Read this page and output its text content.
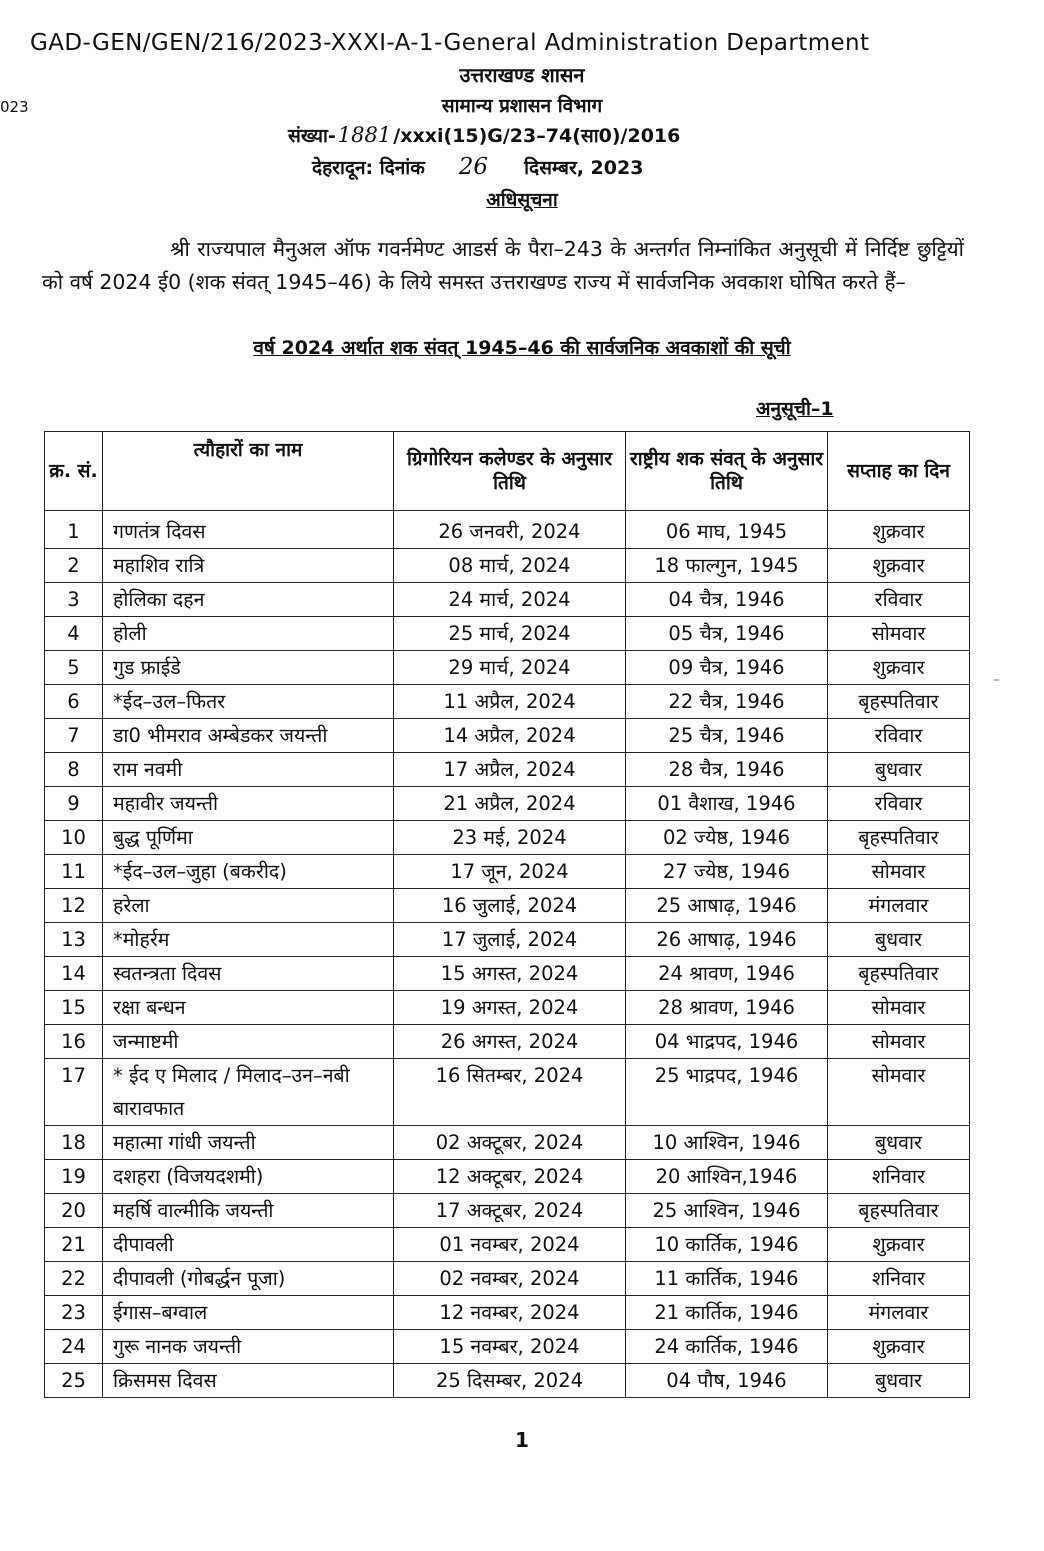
GAD-GEN/GEN/216/2023-XXXI-A-1-General Administration Department
023
उत्तराखण्ड शासन
सामान्य प्रशासन विभाग
संख्या-1881 /xxxi(15)G/23–74(सा0)/2016
देहरादून: दिनांक 26 दिसम्बर, 2023
अधिसूचना
श्री राज्यपाल मैनुअल ऑफ गवर्नमेण्ट आडर्स के पैरा–243 के अन्तर्गत निम्नांकित अनुसूची में निर्दिष्ट छुट्टियों को वर्ष 2024 ई0 (शक संवत् 1945–46) के लिये समस्त उत्तराखण्ड राज्य में सार्वजनिक अवकाश घोषित करते हैं–
वर्ष 2024 अर्थात शक संवत् 1945–46 की सार्वजनिक अवकाशों की सूची
अनुसूची–1
–
क्र. सं.	त्यौहारों का नाम	ग्रिगोरियन कलेण्डर के अनुसार तिथि	राष्ट्रीय शक संवत् के अनुसार तिथि	सप्ताह का दिन
1	गणतंत्र दिवस	26 जनवरी, 2024	06 माघ, 1945	शुक्रवार
2	महाशिव रात्रि	08 मार्च, 2024	18 फाल्गुन, 1945	शुक्रवार
3	होलिका दहन	24 मार्च, 2024	04 चैत्र, 1946	रविवार
4	होली	25 मार्च, 2024	05 चैत्र, 1946	सोमवार
5	गुड फ्राईडे	29 मार्च, 2024	09 चैत्र, 1946	शुक्रवार
6	*ईद–उल–फितर	11 अप्रैल, 2024	22 चैत्र, 1946	बृहस्पतिवार
7	डा0 भीमराव अम्बेडकर जयन्ती	14 अप्रैल, 2024	25 चैत्र, 1946	रविवार
8	राम नवमी	17 अप्रैल, 2024	28 चैत्र, 1946	बुधवार
9	महावीर जयन्ती	21 अप्रैल, 2024	01 वैशाख, 1946	रविवार
10	बुद्ध पूर्णिमा	23 मई, 2024	02 ज्येष्ठ, 1946	बृहस्पतिवार
11	*ईद–उल–जुहा (बकरीद)	17 जून, 2024	27 ज्येष्ठ, 1946	सोमवार
12	हरेला	16 जुलाई, 2024	25 आषाढ़, 1946	मंगलवार
13	*मोहर्रम	17 जुलाई, 2024	26 आषाढ़, 1946	बुधवार
14	स्वतन्त्रता दिवस	15 अगस्त, 2024	24 श्रावण, 1946	बृहस्पतिवार
15	रक्षा बन्धन	19 अगस्त, 2024	28 श्रावण, 1946	सोमवार
16	जन्माष्टमी	26 अगस्त, 2024	04 भाद्रपद, 1946	सोमवार
17	* ईद ए मिलाद / मिलाद–उन–नबी बारावफात	16 सितम्बर, 2024	25 भाद्रपद, 1946	सोमवार
18	महात्मा गांधी जयन्ती	02 अक्टूबर, 2024	10 आश्विन, 1946	बुधवार
19	दशहरा (विजयदशमी)	12 अक्टूबर, 2024	20 आश्विन,1946	शनिवार
20	महर्षि वाल्मीकि जयन्ती	17 अक्टूबर, 2024	25 आश्विन, 1946	बृहस्पतिवार
21	दीपावली	01 नवम्बर, 2024	10 कार्तिक, 1946	शुक्रवार
22	दीपावली (गोबर्द्धन पूजा)	02 नवम्बर, 2024	11 कार्तिक, 1946	शनिवार
23	ईगास–बग्वाल	12 नवम्बर, 2024	21 कार्तिक, 1946	मंगलवार
24	गुरू नानक जयन्ती	15 नवम्बर, 2024	24 कार्तिक, 1946	शुक्रवार
25	क्रिसमस दिवस	25 दिसम्बर, 2024	04 पौष, 1946	बुधवार
1
